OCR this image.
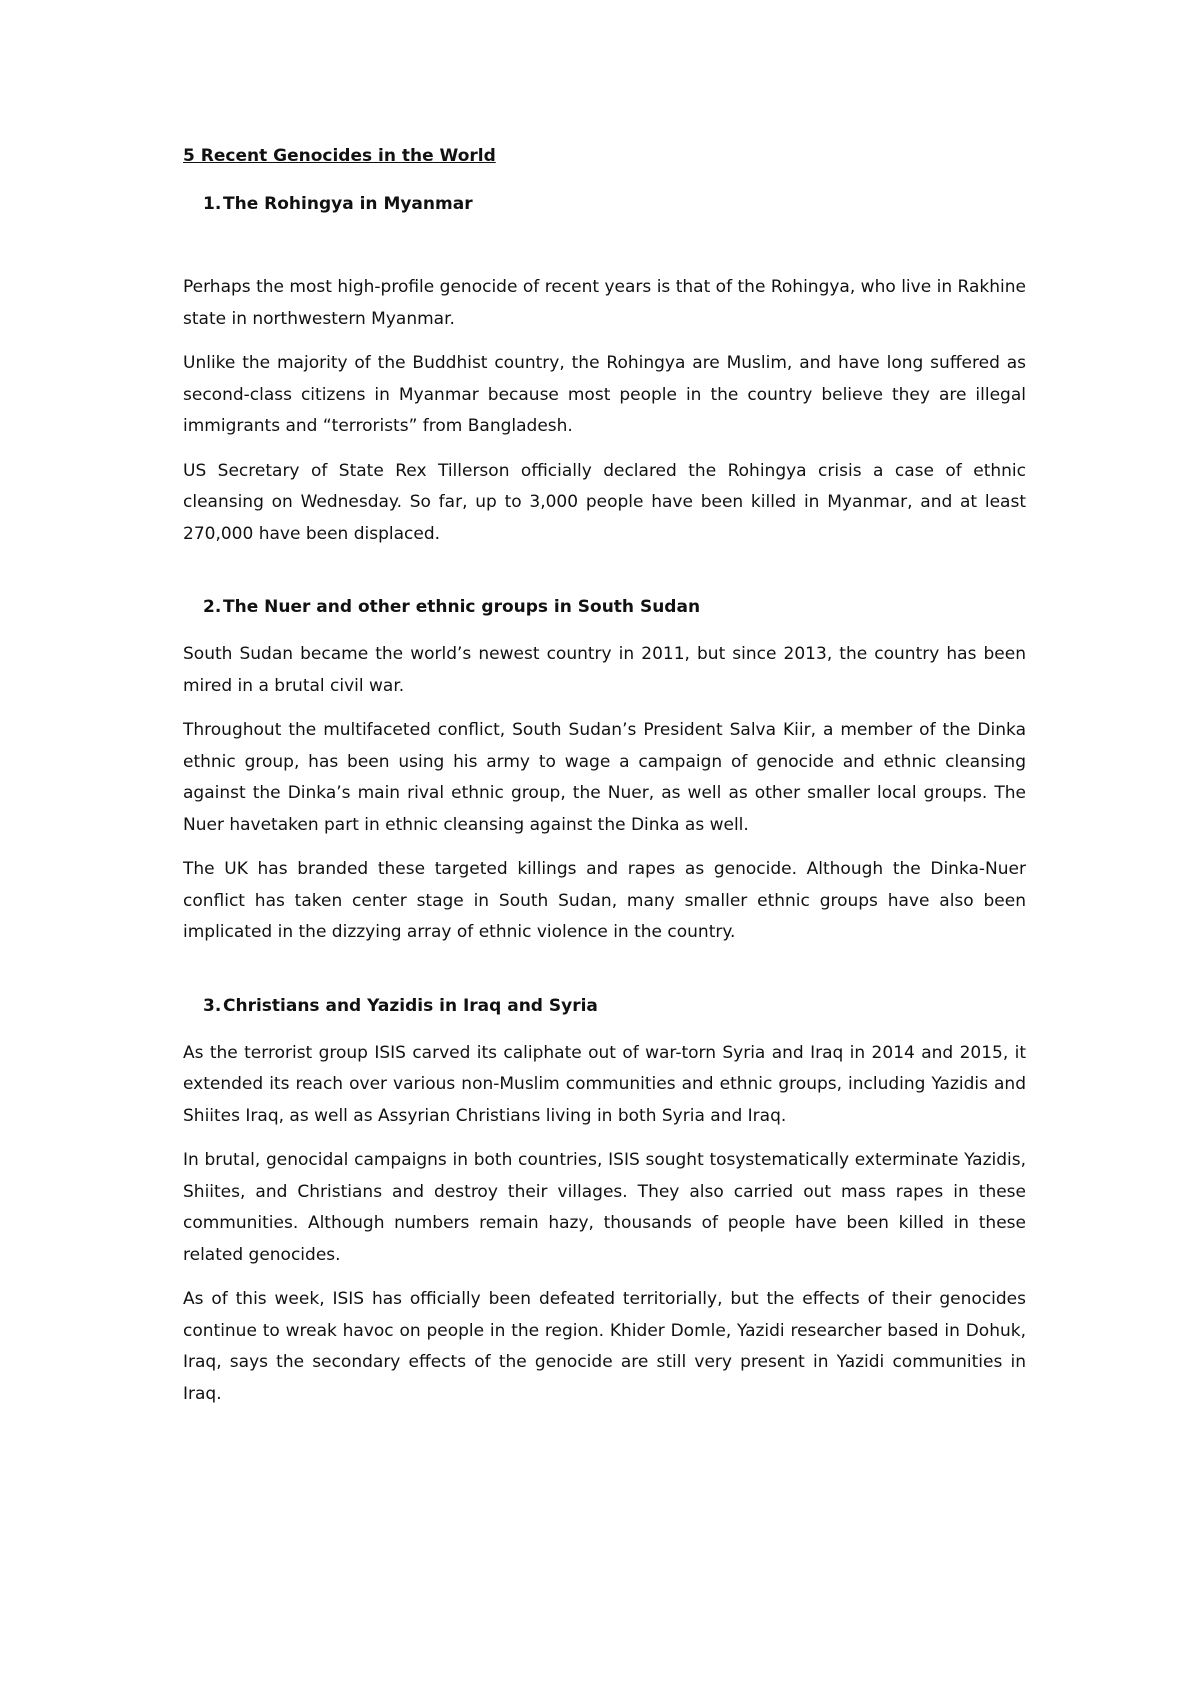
5 Recent Genocides in the World
1. The Rohingya in Myanmar

Perhaps the most high-profile genocide of recent years is that of the Rohingya, who live in Rakhine state in northwestern Myanmar.

Unlike the majority of the Buddhist country, the Rohingya are Muslim, and have long suffered as second-class citizens in Myanmar because most people in the country believe they are illegal immigrants and “terrorists” from Bangladesh.

US Secretary of State Rex Tillerson officially declared the Rohingya crisis a case of ethnic cleansing on Wednesday. So far, up to 3,000 people have been killed in Myanmar, and at least 270,000 have been displaced.

2. The Nuer and other ethnic groups in South Sudan

South Sudan became the world’s newest country in 2011, but since 2013, the country has been mired in a brutal civil war.

Throughout the multifaceted conflict, South Sudan’s President Salva Kiir, a member of the Dinka ethnic group, has been using his army to wage a campaign of genocide and ethnic cleansing against the Dinka’s main rival ethnic group, the Nuer, as well as other smaller local groups. The Nuer havetaken part in ethnic cleansing against the Dinka as well.

The UK has branded these targeted killings and rapes as genocide. Although the Dinka-Nuer conflict has taken center stage in South Sudan, many smaller ethnic groups have also been implicated in the dizzying array of ethnic violence in the country.

3. Christians and Yazidis in Iraq and Syria

As the terrorist group ISIS carved its caliphate out of war-torn Syria and Iraq in 2014 and 2015, it extended its reach over various non-Muslim communities and ethnic groups, including Yazidis and Shiites Iraq, as well as Assyrian Christians living in both Syria and Iraq.

In brutal, genocidal campaigns in both countries, ISIS sought tosystematically exterminate Yazidis, Shiites, and Christians and destroy their villages. They also carried out mass rapes in these communities. Although numbers remain hazy, thousands of people have been killed in these related genocides.

As of this week, ISIS has officially been defeated territorially, but the effects of their genocides continue to wreak havoc on people in the region. Khider Domle, Yazidi researcher based in Dohuk, Iraq, says the secondary effects of the genocide are still very present in Yazidi communities in Iraq.
